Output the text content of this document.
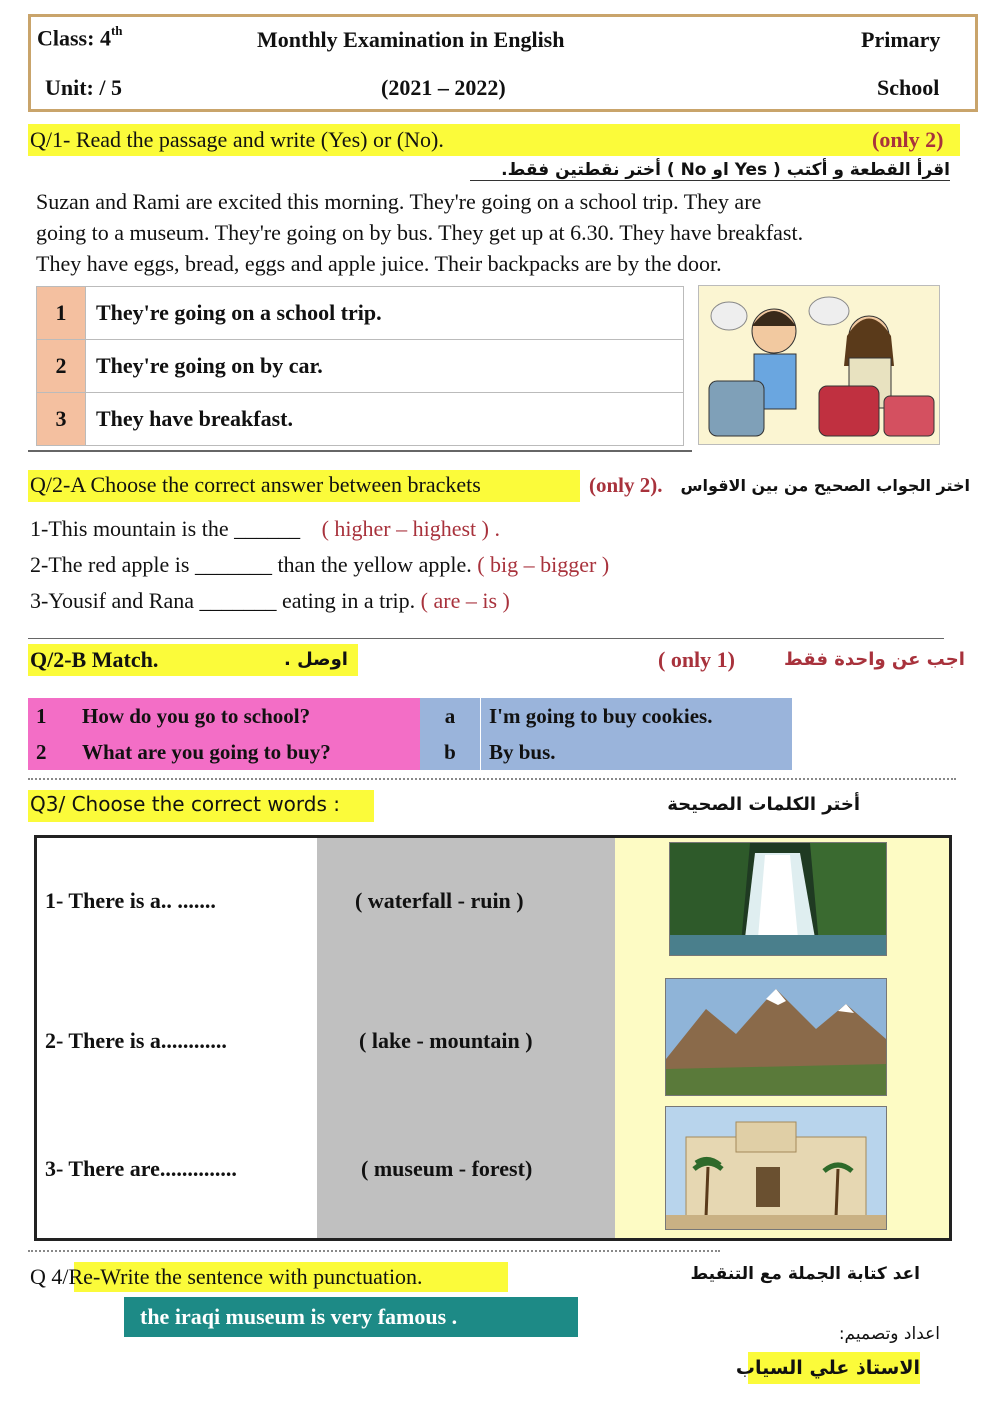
Class: 4th	Monthly Examination in English	Primary
Unit: / 5	(2021 – 2022)	School
Q/1- Read the passage and write (Yes) or (No).	(only 2)
اقرأ القطعة و أكتب ( Yes او No ) أختر نقطتين فقط.
Suzan and Rami are excited this morning. They're going on a school trip. They are
going to a museum. They're going on by bus. They get up at 6.30. They have breakfast.
They have eggs, bread, eggs and apple juice. Their backpacks are by the door.
1	They're going on a school trip.
2	They're going on by car.
3	They have breakfast.
Q/2-A Choose the correct answer between brackets	(only 2). اختر الجواب الصحيح من بين الاقواس
1-This mountain is the ______ ( higher – highest ) .
2-The red apple is _______ than the yellow apple. ( big – bigger )
3-Yousif and Rana _______ eating in a trip. ( are – is )
Q/2-B Match.	اوصل .	( only 1)	اجب عن واحدة فقط
1	How do you go to school?	a	I'm going to buy cookies.
2	What are you going to buy?	b	By bus.
Q3/ Choose the correct words :	أختر الكلمات الصحيحة
1- There is a.. .......	( waterfall - ruin )
2- There is a............	( lake - mountain )
3- There are..............	( museum - forest)
Q 4/Re-Write the sentence with punctuation.	اعد كتابة الجملة مع التنقيط
the iraqi museum is very famous .
اعداد وتصميم:
الاستاذ علي السياب
